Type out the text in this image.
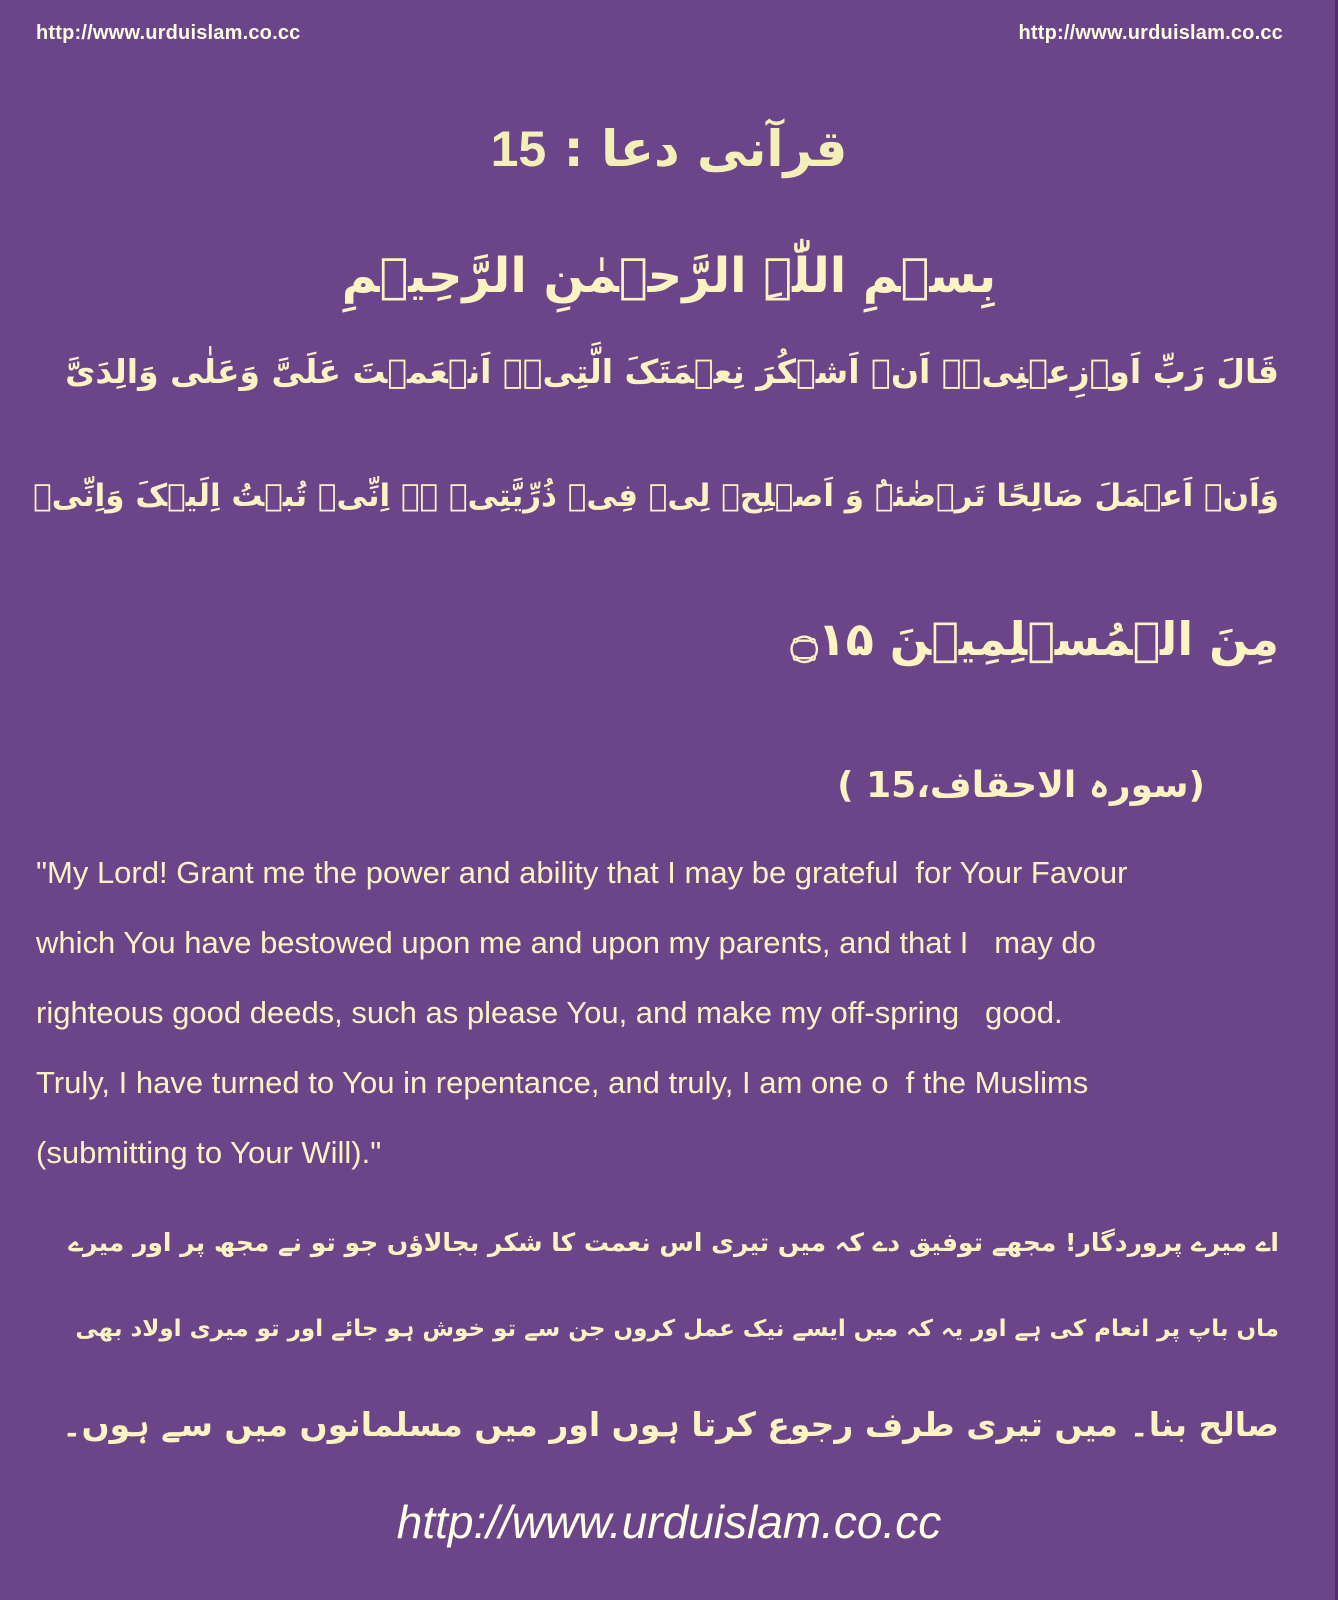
http://www.urduislam.co.cc	http://www.urduislam.co.cc
قرآنی دعا : 15
بِسۡمِ اللّٰہِ الرَّحۡمٰنِ الرَّحِیۡمِ
قَالَ رَبِّ اَوۡزِعۡنِیۡۤ اَنۡ اَشۡکُرَ نِعۡمَتَکَ الَّتِیۡۤ اَنۡعَمۡتَ عَلَیَّ وَعَلٰی وَالِدَیَّ
وَاَنۡ اَعۡمَلَ صَالِحًا تَرۡضٰئہُ وَ اَصۡلِحۡ لِیۡ فِیۡ ذُرِّیَّتِیۡ ۚۛ اِنِّیۡ تُبۡتُ اِلَیۡکَ وَاِنِّیۡ
مِنَ الۡمُسۡلِمِیۡنَ ۝۱۵
(سورہ الاحقاف،15 )
"My Lord! Grant me the power and ability that I may be grateful  for Your Favour
which You have bestowed upon me and upon my parents, and that I   may do
righteous good deeds, such as please You, and make my off-spring   good.
Truly, I have turned to You in repentance, and truly, I am one o  f the Muslims
(submitting to Your Will)."
اے میرے پروردگار! مجھے توفیق دے کہ میں تیری اس نعمت کا شکر بجالاؤں جو تو نے مجھ پر اور میرے
ماں باپ پر انعام کی ہے اور یہ کہ میں ایسے نیک عمل کروں جن سے تو خوش ہو جائے اور تو میری اولاد بھی
صالح بنا۔ میں تیری طرف رجوع کرتا ہوں اور میں مسلمانوں میں سے ہوں۔
http://www.urduislam.co.cc
